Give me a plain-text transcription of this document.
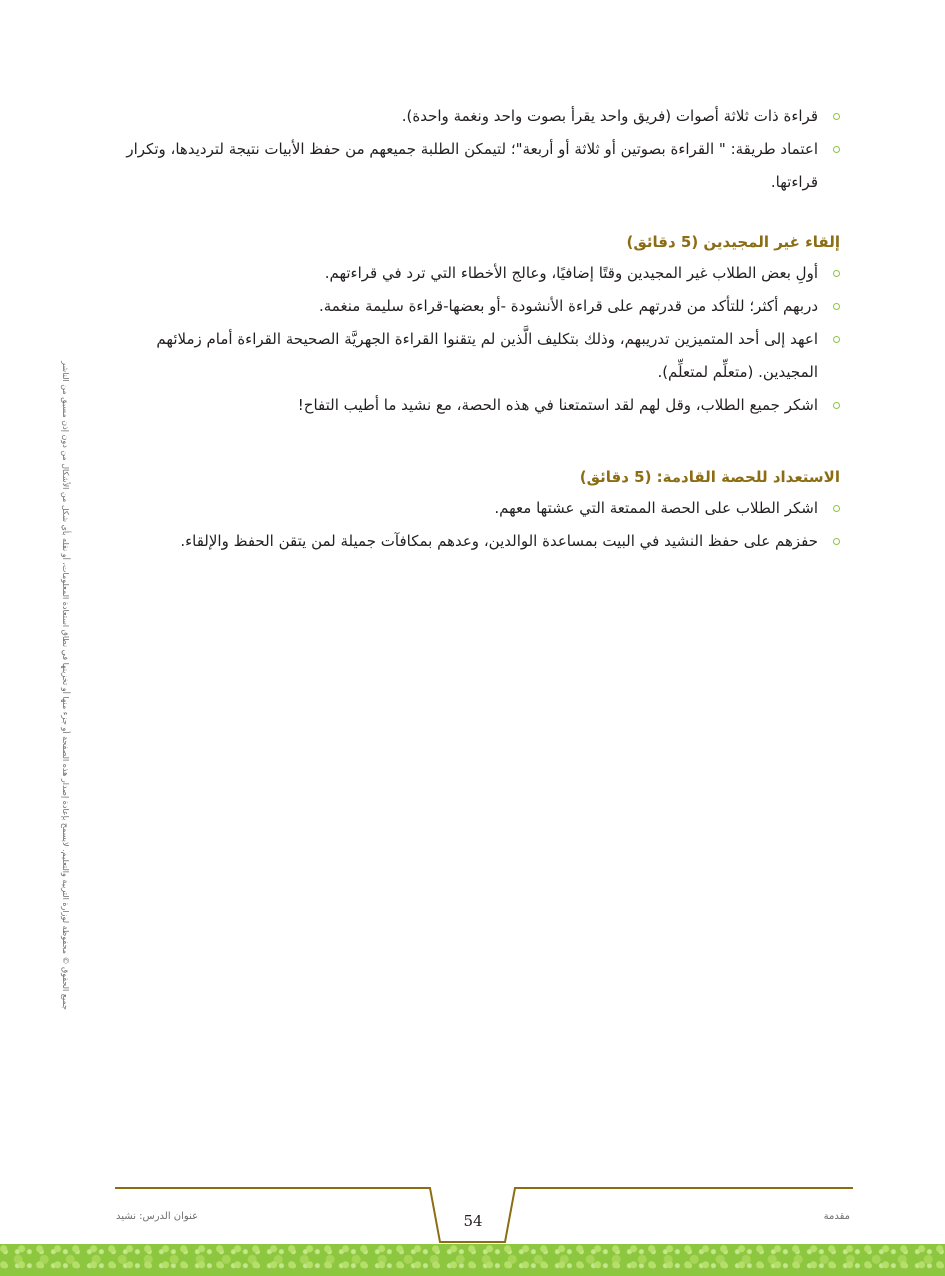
قراءة ذات ثلاثة أصوات (فريق واحد يقرأ بصوت واحد ونغمة واحدة).
اعتماد طريقة: " القراءة بصوتين أو ثلاثة أو أربعة"؛ لتيمكن الطلبة جميعهم من حفظ الأبيات نتيجة لترديدها، وتكرار قراءتها.
إلقاء غير المجيدين (5 دقائق)
أولِ بعض الطلاب غير المجيدين وقتًا إضافيًا، وعالج الأخطاء التي ترد في قراءتهم.
دربهم أكثر؛ للتأكد من قدرتهم على قراءة الأنشودة -أو بعضها-قراءة سليمة منغمة.
اعهد إلى أحد المتميزين تدريبهم، وذلك بتكليف الَّذين لم يتقنوا القراءة الجهريَّة الصحيحة القراءة أمام زملائهم المجيدين. (متعلِّم لمتعلِّم).
اشكر جميع الطلاب، وقل لهم لقد استمتعنا في هذه الحصة، مع نشيد ما أطيب التفاح!
الاستعداد للحصة القادمة: (5 دقائق)
اشكر الطلاب على الحصة الممتعة التي عشتها معهم.
حفزهم على حفظ النشيد في البيت بمساعدة الوالدين، وعدهم بمكافآت جميلة لمن يتقن الحفظ والإلقاء.
جميع الحقوق © محفوظة لوزارة التربية والتعليم. لايسمح بإعادة إصدار هذه الصفحة أو جزء منها أو تخزينها في نطاق استعادة المعلومات، أو نقله بأي شكل من الأشكال من دون إذن مسبق من الناشر
عنوان الدرس: نشيد	54	مقدمة
